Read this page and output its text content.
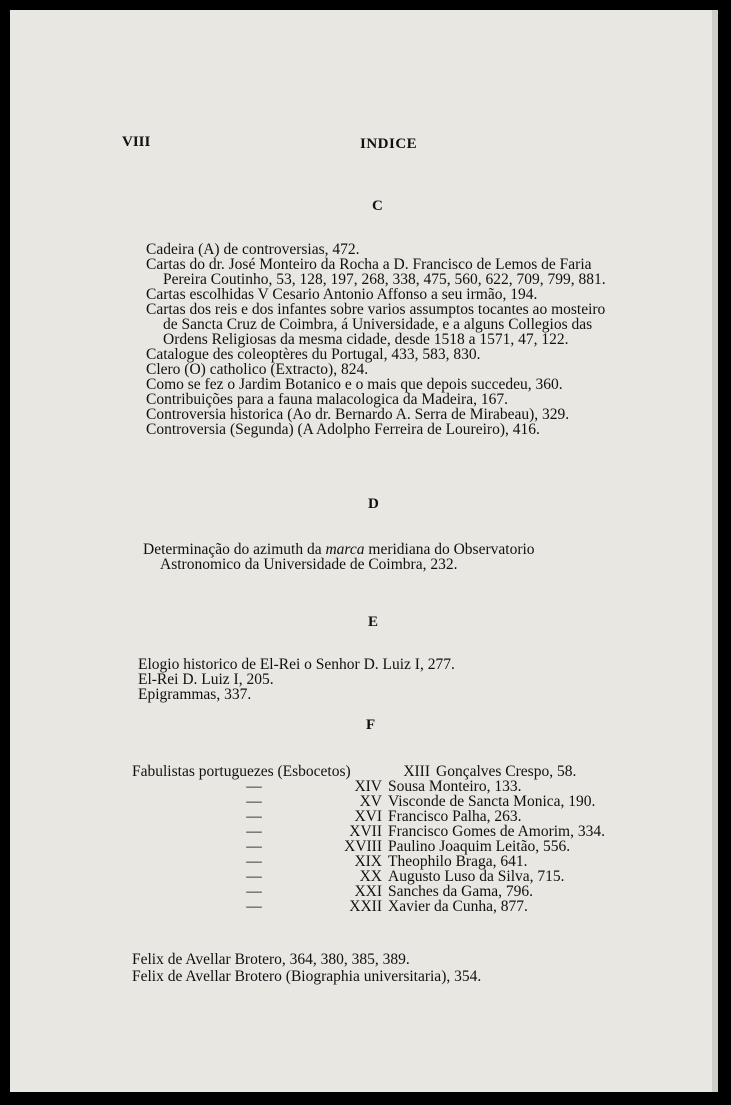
VIII	INDICE
C

Cadeira (A) de controversias, 472.

Cartas do dr. José Monteiro da Rocha a D. Francisco de Lemos de Faria Pereira Coutinho, 53, 128, 197, 268, 338, 475, 560, 622, 709, 799, 881.

Cartas escolhidas V Cesario Antonio Affonso a seu irmão, 194.

Cartas dos reis e dos infantes sobre varios assumptos tocantes ao mosteiro de Sancta Cruz de Coimbra, á Universidade, e a alguns Collegios das Ordens Religiosas da mesma cidade, desde 1518 a 1571, 47, 122.

Catalogue des coleoptères du Portugal, 433, 583, 830.

Clero (O) catholico (Extracto), 824.

Como se fez o Jardim Botanico e o mais que depois succedeu, 360.

Contribuições para a fauna malacologica da Madeira, 167.

Controversia historica (Ao dr. Bernardo A. Serra de Mirabeau), 329.

Controversia (Segunda) (A Adolpho Ferreira de Loureiro), 416.

D

Determinação do azimuth da marca meridiana do Observatorio Astronomico da Universidade de Coimbra, 232.

E

Elogio historico de El-Rei o Senhor D. Luiz I, 277.

El-Rei D. Luiz I, 205.

Epigrammas, 337.

F
Fabulistas portuguezes (Esbocetos)	XIII Gonçalves Crespo, 58.
—	XIV Sousa Monteiro, 133.
—	XV Visconde de Sancta Monica, 190.
—	XVI Francisco Palha, 263.
—	XVII Francisco Gomes de Amorim, 334.
—	XVIII Paulino Joaquim Leitão, 556.
—	XIX Theophilo Braga, 641.
—	XX Augusto Luso da Silva, 715.
—	XXI Sanches da Gama, 796.
—	XXII Xavier da Cunha, 877.
Felix de Avellar Brotero, 364, 380, 385, 389.
Felix de Avellar Brotero (Biographia universitaria), 354.
